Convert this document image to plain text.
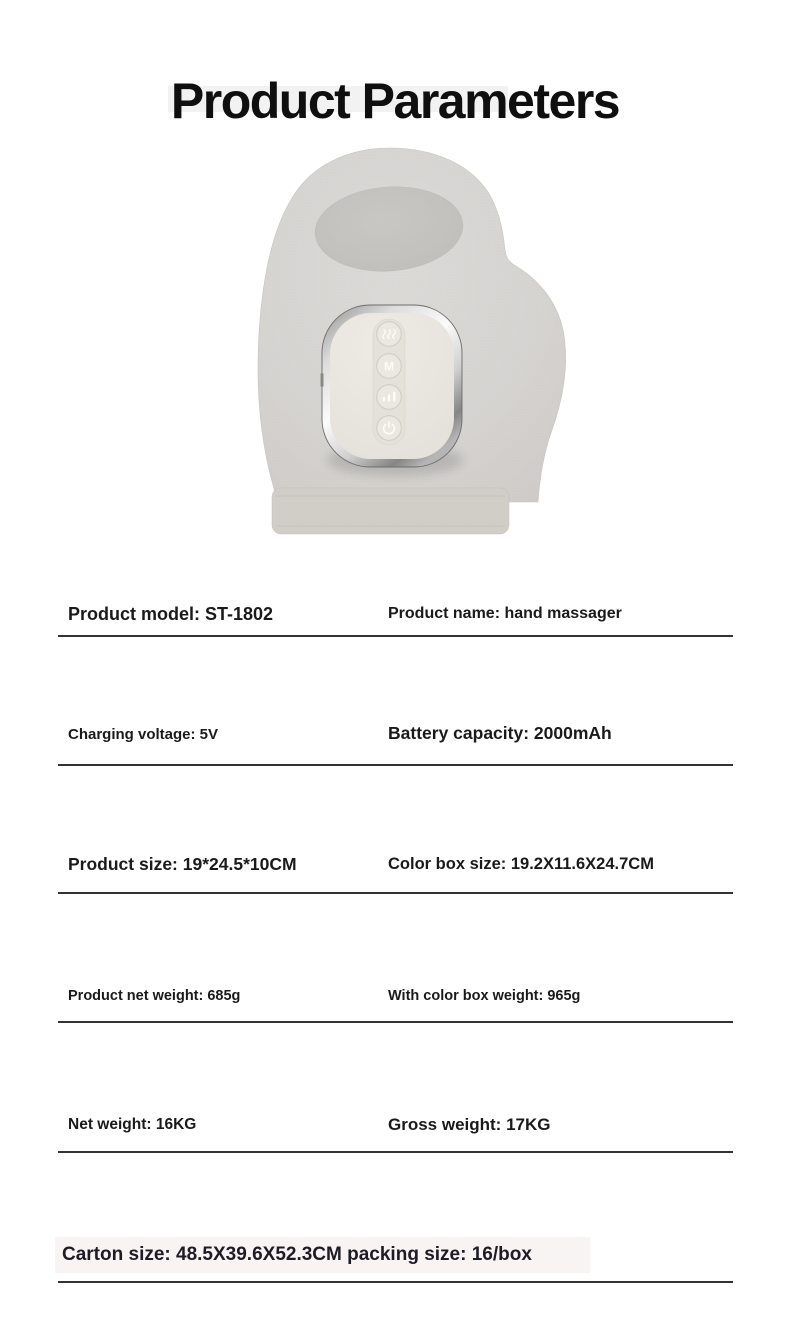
Product Parameters
M
Product model: ST-1802	Product name: hand massager
Charging voltage: 5V	Battery capacity: 2000mAh
Product size: 19*24.5*10CM	Color box size: 19.2X11.6X24.7CM
Product net weight: 685g	With color box weight: 965g
Net weight: 16KG	Gross weight: 17KG
Carton size: 48.5X39.6X52.3CM packing size: 16/box
